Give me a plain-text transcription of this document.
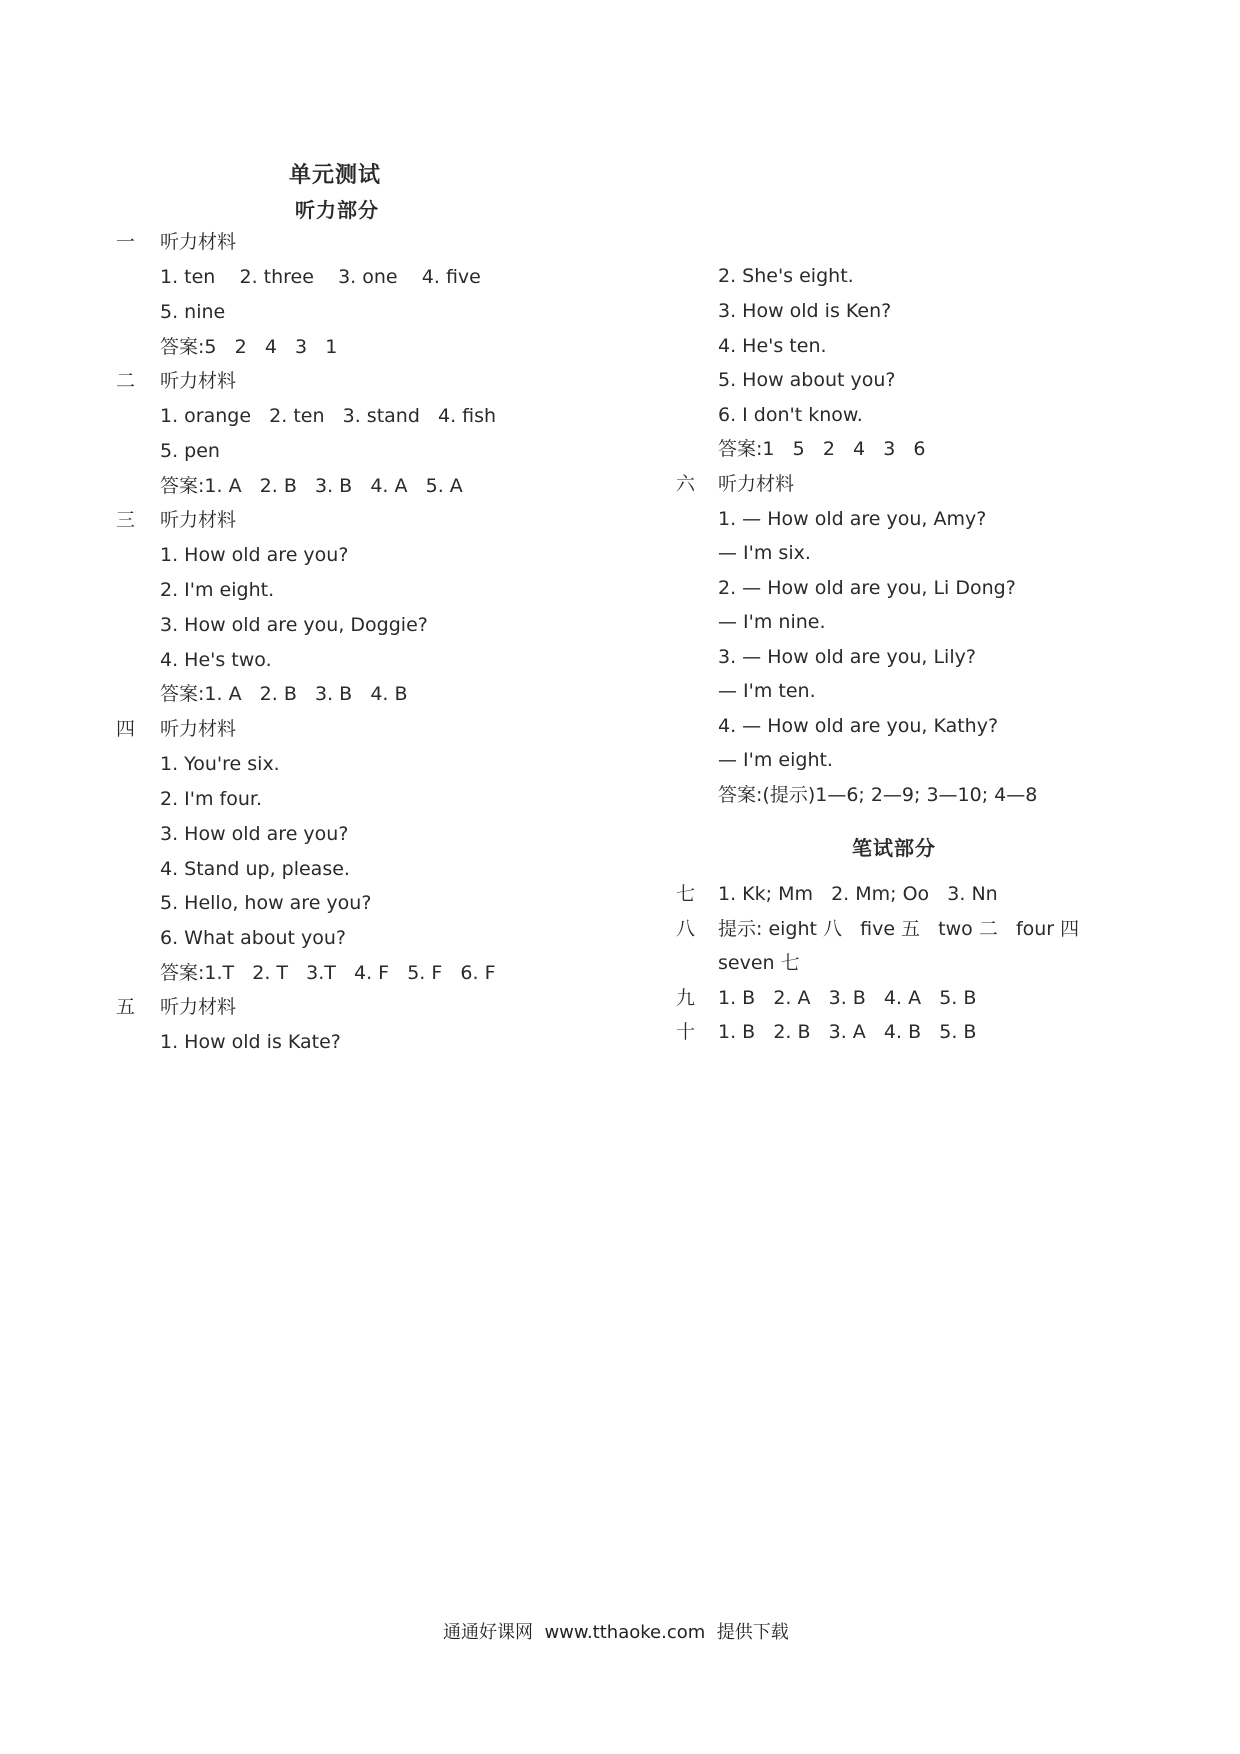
单元测试
听力部分
一 听力材料
1. ten    2. three    3. one    4. five
5. nine
答案:5   2   4   3   1
二 听力材料
1. orange   2. ten   3. stand   4. fish
5. pen
答案:1. A   2. B   3. B   4. A   5. A
三 听力材料
1. How old are you?
2. I'm eight.
3. How old are you, Doggie?
4. He's two.
答案:1. A   2. B   3. B   4. B
四 听力材料
1. You're six.
2. I'm four.
3. How old are you?
4. Stand up, please.
5. Hello, how are you?
6. What about you?
答案:1.T   2. T   3.T   4. F   5. F   6. F
五 听力材料
1. How old is Kate?
2. She's eight.
3. How old is Ken?
4. He's ten.
5. How about you?
6. I don't know.
答案:1   5   2   4   3   6
六 听力材料
1. — How old are you, Amy?
— I'm six.
2. — How old are you, Li Dong?
— I'm nine.
3. — How old are you, Lily?
— I'm ten.
4. — How old are you, Kathy?
— I'm eight.
答案:(提示)1—6; 2—9; 3—10; 4—8
笔试部分
七 1. Kk; Mm   2. Mm; Oo   3. Nn
八 提示: eight 八   five 五   two 二   four 四
seven 七
九 1. B   2. A   3. B   4. A   5. B
十 1. B   2. B   3. A   4. B   5. B
通通好课网  www.tthaoke.com  提供下载
